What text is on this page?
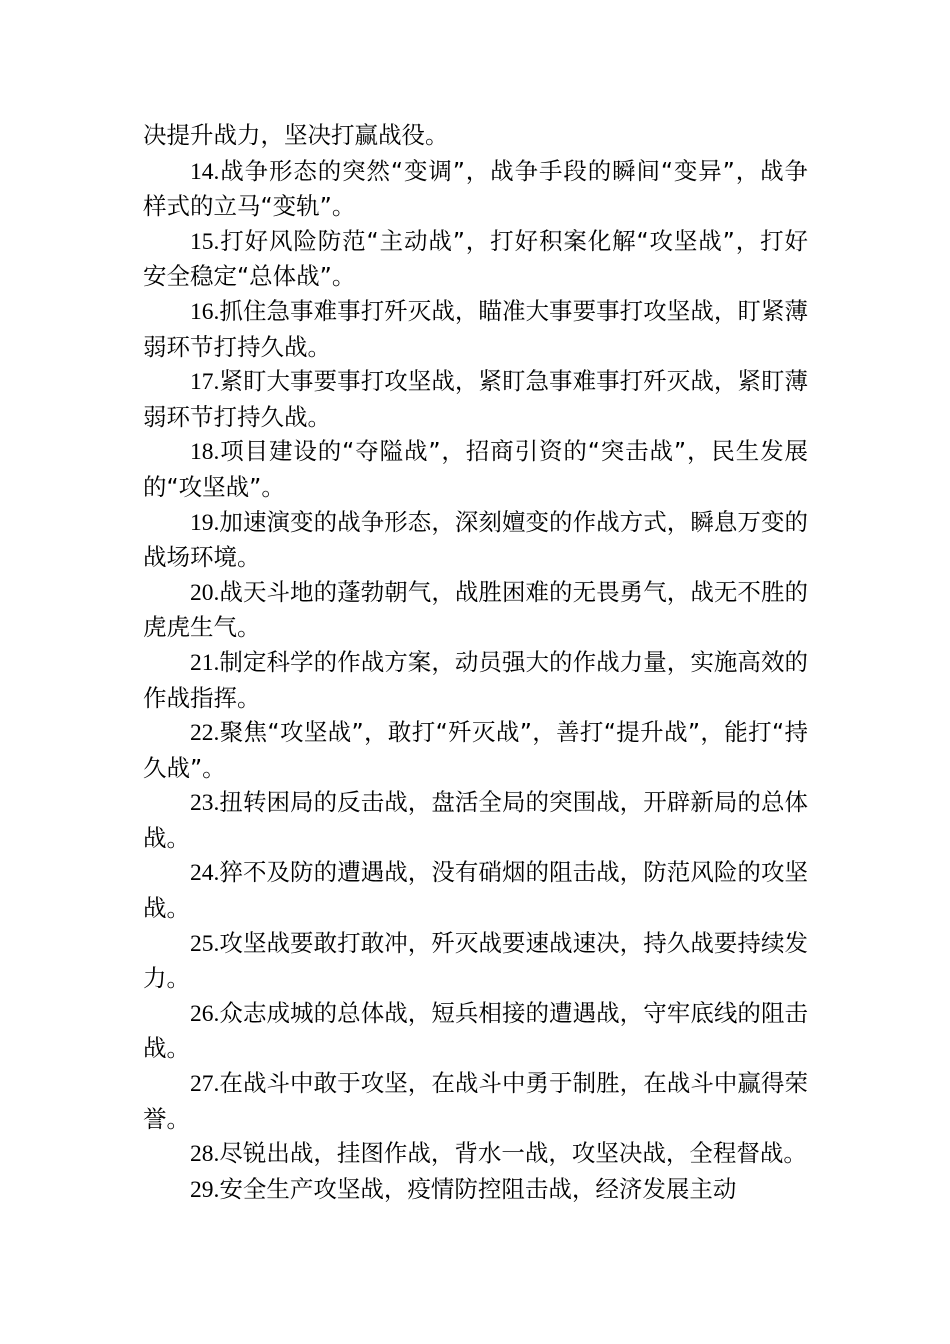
决提升战力，坚决打赢战役。

14.战争形态的突然“变调”，战争手段的瞬间“变异”，战争样式的立马“变轨”。

15.打好风险防范“主动战”，打好积案化解“攻坚战”，打好安全稳定“总体战”。

16.抓住急事难事打歼灭战，瞄准大事要事打攻坚战，盯紧薄弱环节打持久战。

17.紧盯大事要事打攻坚战，紧盯急事难事打歼灭战，紧盯薄弱环节打持久战。

18.项目建设的“夺隘战”，招商引资的“突击战”，民生发展的“攻坚战”。

19.加速演变的战争形态，深刻嬗变的作战方式，瞬息万变的战场环境。

20.战天斗地的蓬勃朝气，战胜困难的无畏勇气，战无不胜的虎虎生气。

21.制定科学的作战方案，动员强大的作战力量，实施高效的作战指挥。

22.聚焦“攻坚战”，敢打“歼灭战”，善打“提升战”，能打“持久战”。

23.扭转困局的反击战，盘活全局的突围战，开辟新局的总体战。

24.猝不及防的遭遇战，没有硝烟的阻击战，防范风险的攻坚战。

25.攻坚战要敢打敢冲，歼灭战要速战速决，持久战要持续发力。

26.众志成城的总体战，短兵相接的遭遇战，守牢底线的阻击战。

27.在战斗中敢于攻坚，在战斗中勇于制胜，在战斗中赢得荣誉。

28.尽锐出战，挂图作战，背水一战，攻坚决战，全程督战。

29.安全生产攻坚战，疫情防控阻击战，经济发展主动
